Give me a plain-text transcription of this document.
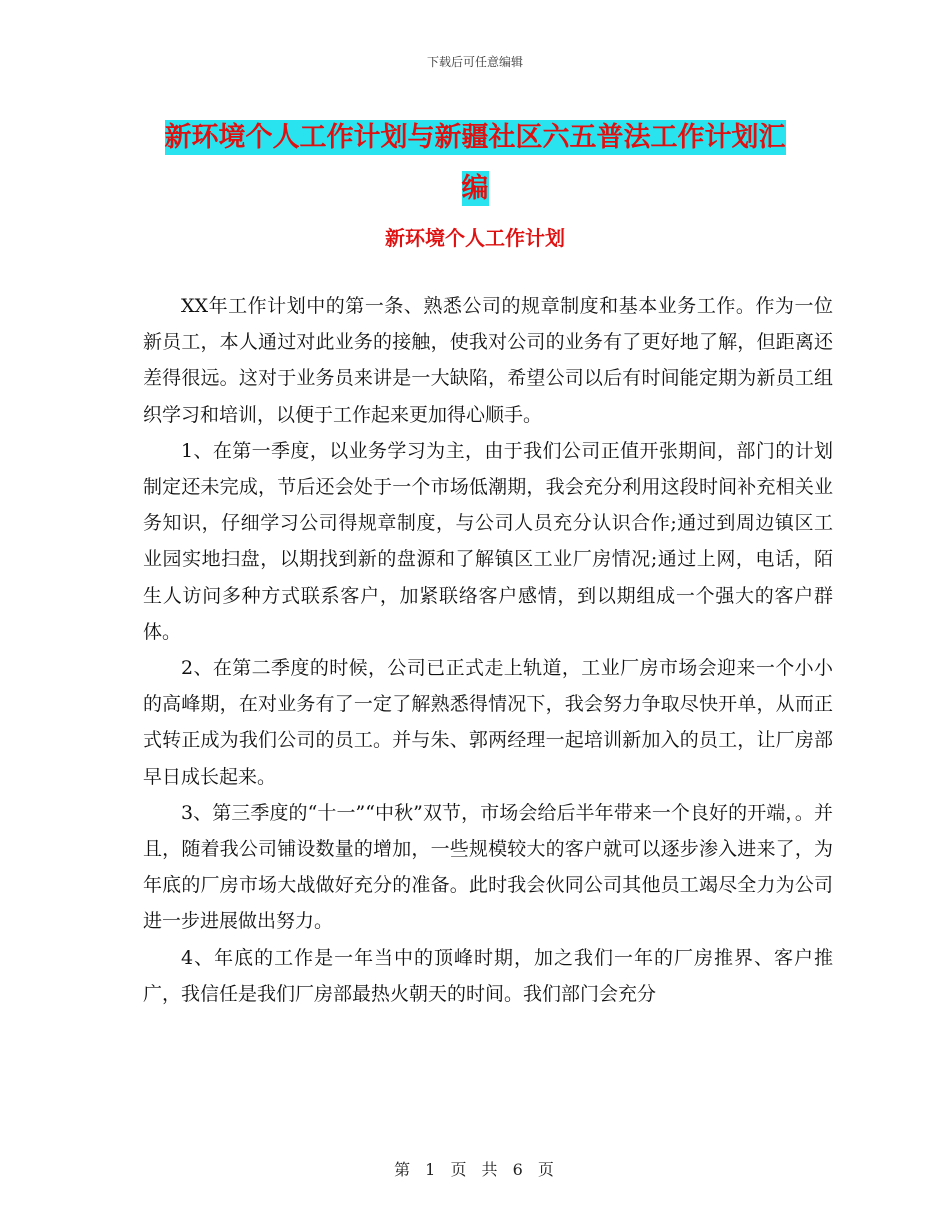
下载后可任意编辑
新环境个人工作计划与新疆社区六五普法工作计划汇
编
新环境个人工作计划

XX年工作计划中的第一条、熟悉公司的规章制度和基本业务工作。作为一位新员工，本人通过对此业务的接触，使我对公司的业务有了更好地了解，但距离还差得很远。这对于业务员来讲是一大缺陷，希望公司以后有时间能定期为新员工组织学习和培训，以便于工作起来更加得心顺手。

1、在第一季度，以业务学习为主，由于我们公司正值开张期间，部门的计划制定还未完成，节后还会处于一个市场低潮期，我会充分利用这段时间补充相关业务知识，仔细学习公司得规章制度，与公司人员充分认识合作;通过到周边镇区工业园实地扫盘，以期找到新的盘源和了解镇区工业厂房情况;通过上网，电话，陌生人访问多种方式联系客户，加紧联络客户感情，到以期组成一个强大的客户群体。

2、在第二季度的时候，公司已正式走上轨道，工业厂房市场会迎来一个小小的高峰期，在对业务有了一定了解熟悉得情况下，我会努力争取尽快开单，从而正式转正成为我们公司的员工。并与朱、郭两经理一起培训新加入的员工，让厂房部早日成长起来。

3、第三季度的“十一”“中秋”双节，市场会给后半年带来一个良好的开端，。并且，随着我公司铺设数量的增加，一些规模较大的客户就可以逐步渗入进来了，为年底的厂房市场大战做好充分的准备。此时我会伙同公司其他员工竭尽全力为公司进一步进展做出努力。

4、年底的工作是一年当中的顶峰时期，加之我们一年的厂房推界、客户推广，我信任是我们厂房部最热火朝天的时间。我们部门会充分

第 1 页 共 6 页
